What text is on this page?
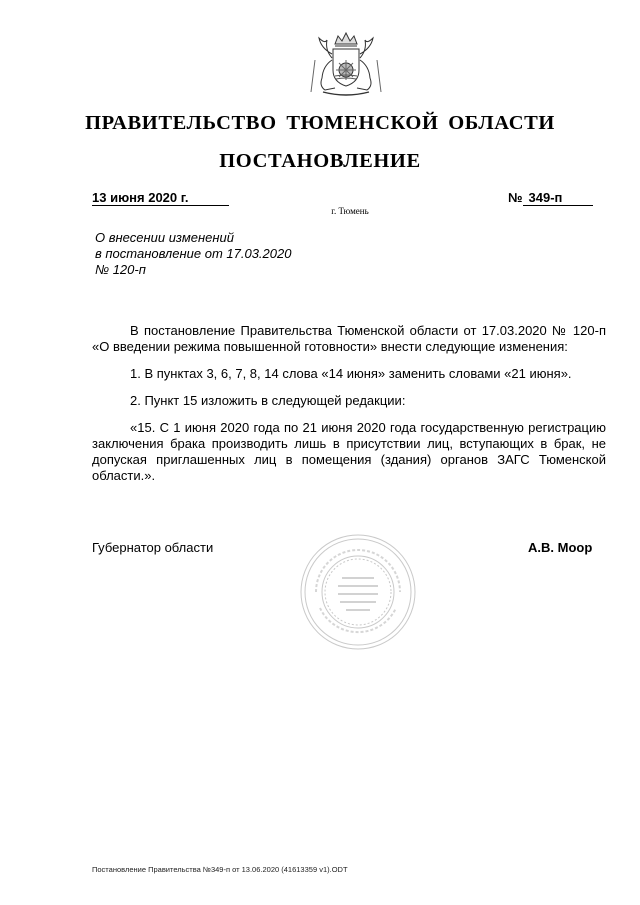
ПРАВИТЕЛЬСТВО ТЮМЕНСКОЙ ОБЛАСТИ
ПОСТАНОВЛЕНИЕ
13 июня 2020 г.	№ 349-п
г. Тюмень
О внесении изменений
в постановление от 17.03.2020
№ 120-п

В постановление Правительства Тюменской области от 17.03.2020 № 120-п «О введении режима повышенной готовности» внести следующие изменения:

1. В пунктах 3, 6, 7, 8, 14 слова «14 июня» заменить словами «21 июня».

2. Пункт 15 изложить в следующей редакции:

«15. С 1 июня 2020 года по 21 июня 2020 года государственную регистрацию заключения брака производить лишь в присутствии лиц, вступающих в брак, не допуская приглашенных лиц в помещения (здания) органов ЗАГС Тюменской области.».

Губернатор области	А.В. Моор
Постановление Правительства №349-п от 13.06.2020 (41613359 v1).ODT
